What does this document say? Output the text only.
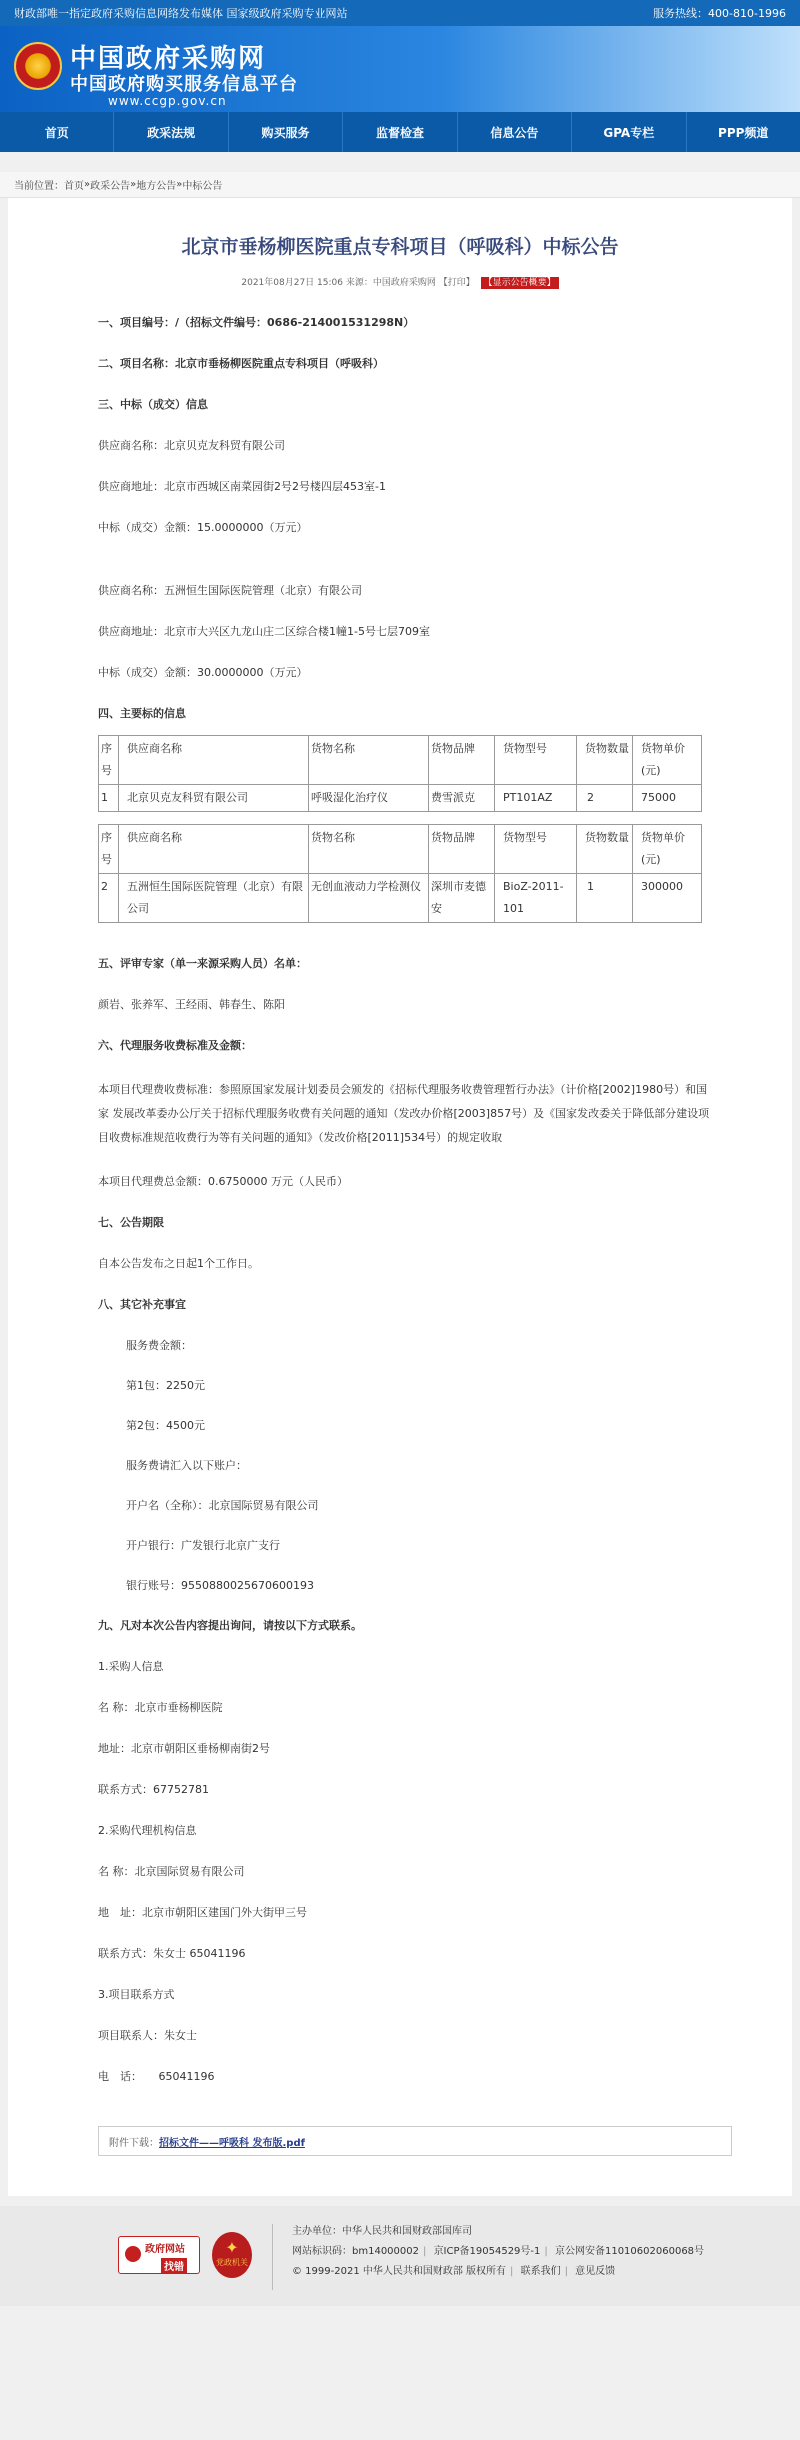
财政部唯一指定政府采购信息网络发布媒体 国家级政府采购专业网站	服务热线：400-810-1996
中国政府采购网
中国政府购买服务信息平台
www.ccgp.gov.cn
首页	政采法规	购买服务	监督检查	信息公告	GPA专栏	PPP频道
当前位置： 首页 » 政采公告 » 地方公告 » 中标公告
北京市垂杨柳医院重点专科项目（呼吸科）中标公告
2021年08月27日 15:06 来源：中国政府采购网 【打印】 【显示公告概要】

一、项目编号：/（招标文件编号：0686-214001531298N）

二、项目名称：北京市垂杨柳医院重点专科项目（呼吸科）

三、中标（成交）信息

供应商名称：北京贝克友科贸有限公司

供应商地址：北京市西城区南菜园街2号2号楼四层453室-1

中标（成交）金额：15.0000000（万元）

供应商名称：五洲恒生国际医院管理（北京）有限公司

供应商地址：北京市大兴区九龙山庄二区综合楼1幢1-5号七层709室

中标（成交）金额：30.0000000（万元）

四、主要标的信息

序号	供应商名称	货物名称	货物品牌	货物型号	货物数量	货物单价(元)
1	北京贝克友科贸有限公司	呼吸湿化治疗仪	费雪派克	PT101AZ	2	75000
序号	供应商名称	货物名称	货物品牌	货物型号	货物数量	货物单价(元)
2	五洲恒生国际医院管理（北京）有限公司	无创血液动力学检测仪	深圳市麦德安	BioZ-2011-101	1	300000

五、评审专家（单一来源采购人员）名单：

颜岩、张养军、王经雨、韩春生、陈阳

六、代理服务收费标准及金额：

本项目代理费收费标准：参照原国家发展计划委员会颁发的《招标代理服务收费管理暂行办法》（计价格[2002]1980号）和国家 发展改革委办公厅关于招标代理服务收费有关问题的通知（发改办价格[2003]857号）及《国家发改委关于降低部分建设项目收费标准规范收费行为等有关问题的通知》（发改价格[2011]534号）的规定收取

本项目代理费总金额：0.6750000 万元（人民币）

七、公告期限

自本公告发布之日起1个工作日。

八、其它补充事宜

服务费金额：

第1包：2250元

第2包：4500元

服务费请汇入以下账户：

开户名（全称）：北京国际贸易有限公司

开户银行：广发银行北京广支行

银行账号：9550880025670600193

九、凡对本次公告内容提出询问，请按以下方式联系。

1.采购人信息

名 称：北京市垂杨柳医院

地址：北京市朝阳区垂杨柳南街2号

联系方式：67752781

2.采购代理机构信息

名 称：北京国际贸易有限公司

地　址：北京市朝阳区建国门外大街甲三号

联系方式：朱女士 65041196

3.项目联系方式

项目联系人：朱女士

电　话：　　65041196

附件下载： 招标文件——呼吸科 发布版.pdf
政府网站
找错
✦
党政机关
主办单位：中华人民共和国财政部国库司
网站标识码：bm14000002 | 京ICP备19054529号-1 | 京公网安备11010602060068号
© 1999-2021 中华人民共和国财政部 版权所有 | 联系我们 | 意见反馈
